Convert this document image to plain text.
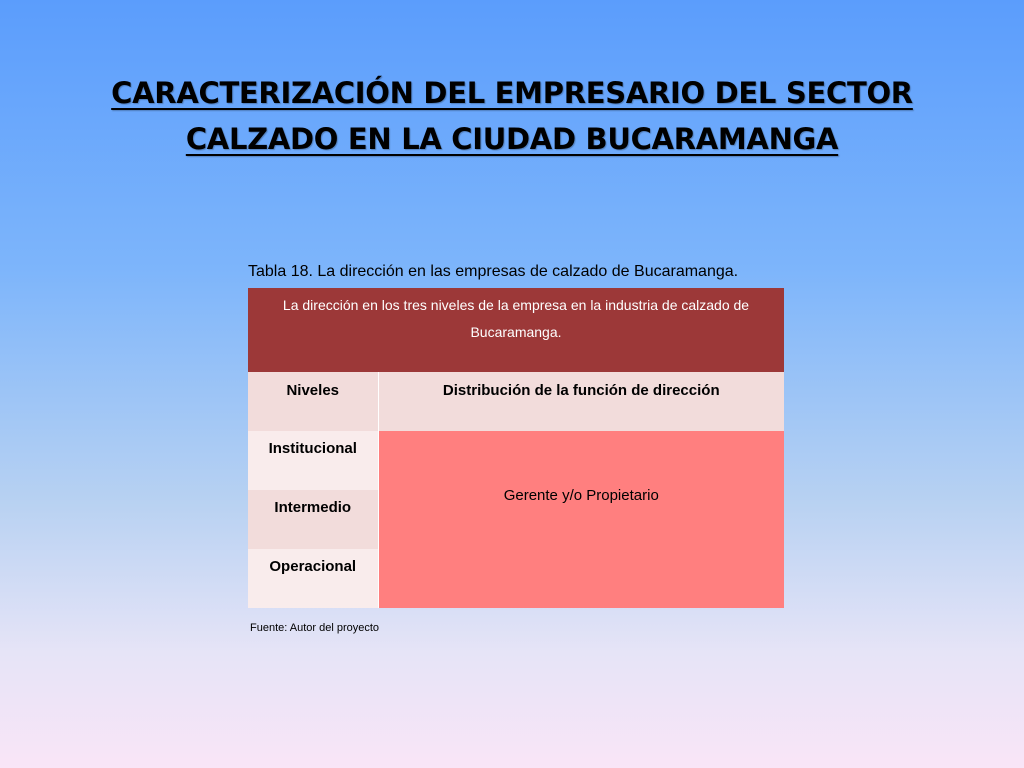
CARACTERIZACIÓN DEL EMPRESARIO DEL SECTOR
CALZADO EN LA CIUDAD BUCARAMANGA
Tabla 18. La dirección en las empresas de calzado de Bucaramanga.
La dirección en los tres niveles de la empresa en la industria de calzado de Bucaramanga.	
Niveles	Distribución de la función de dirección
Institucional	Gerente y/o Propietario
Intermedio	
Operacional	
Fuente: Autor del proyecto
